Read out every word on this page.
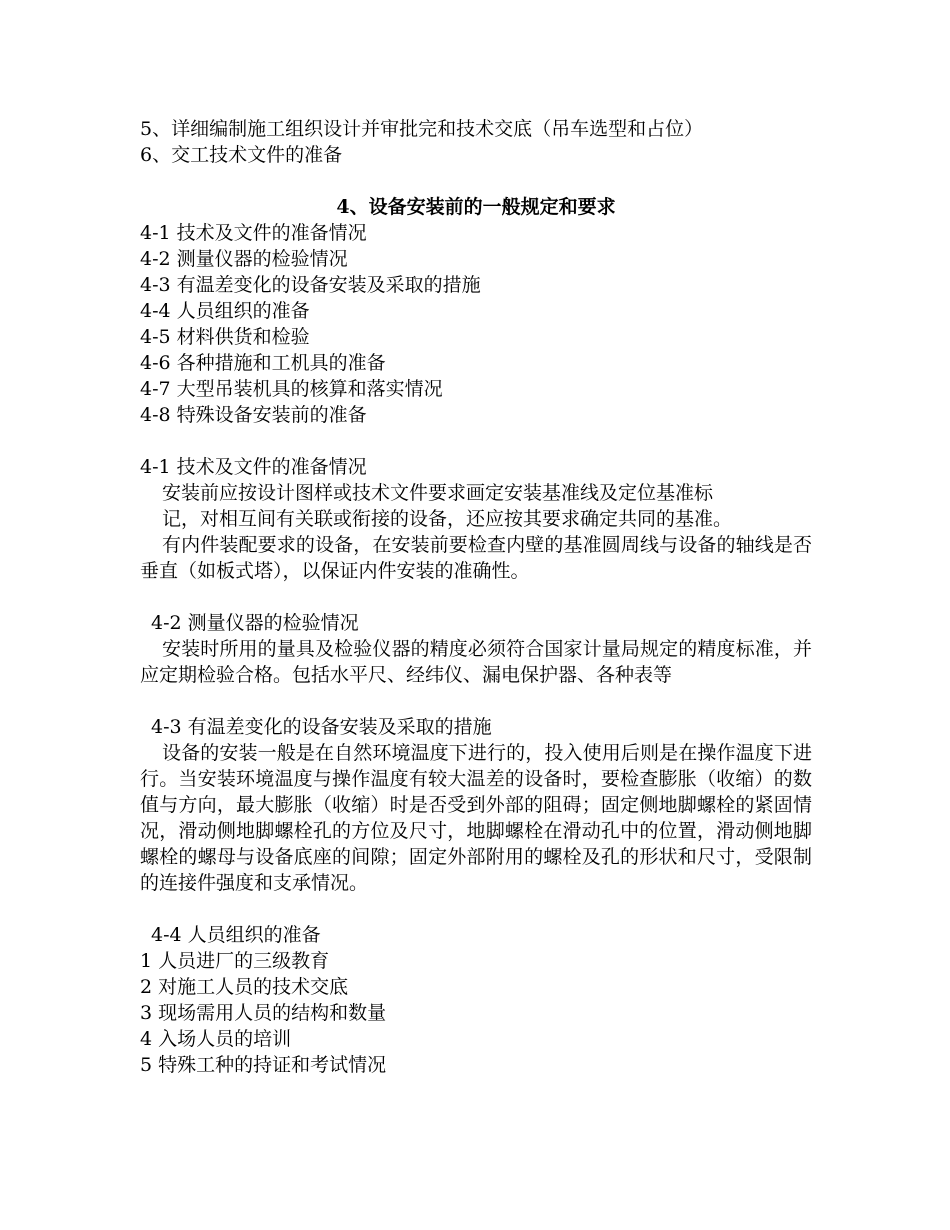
5、详细编制施工组织设计并审批完和技术交底（吊车选型和占位）

6、交工技术文件的准备

4、设备安装前的一般规定和要求

4-1 技术及文件的准备情况

4-2 测量仪器的检验情况

4-3 有温差变化的设备安装及采取的措施

4-4 人员组织的准备

4-5 材料供货和检验

4-6 各种措施和工机具的准备

4-7 大型吊装机具的核算和落实情况

4-8 特殊设备安装前的准备

4-1 技术及文件的准备情况

安装前应按设计图样或技术文件要求画定安装基准线及定位基准标

记，对相互间有关联或衔接的设备，还应按其要求确定共同的基准。

有内件装配要求的设备，在安装前要检查内壁的基准圆周线与设备的轴线是否垂直（如板式塔），以保证内件安装的准确性。

4-2 测量仪器的检验情况

安装时所用的量具及检验仪器的精度必须符合国家计量局规定的精度标准，并应定期检验合格。包括水平尺、经纬仪、漏电保护器、各种表等

4-3 有温差变化的设备安装及采取的措施

设备的安装一般是在自然环境温度下进行的，投入使用后则是在操作温度下进行。当安装环境温度与操作温度有较大温差的设备时，要检查膨胀（收缩）的数值与方向，最大膨胀（收缩）时是否受到外部的阻碍；固定侧地脚螺栓的紧固情况，滑动侧地脚螺栓孔的方位及尺寸，地脚螺栓在滑动孔中的位置，滑动侧地脚螺栓的螺母与设备底座的间隙；固定外部附用的螺栓及孔的形状和尺寸，受限制的连接件强度和支承情况。

4-4 人员组织的准备

1 人员进厂的三级教育

2 对施工人员的技术交底

3 现场需用人员的结构和数量

4 入场人员的培训

5 特殊工种的持证和考试情况
